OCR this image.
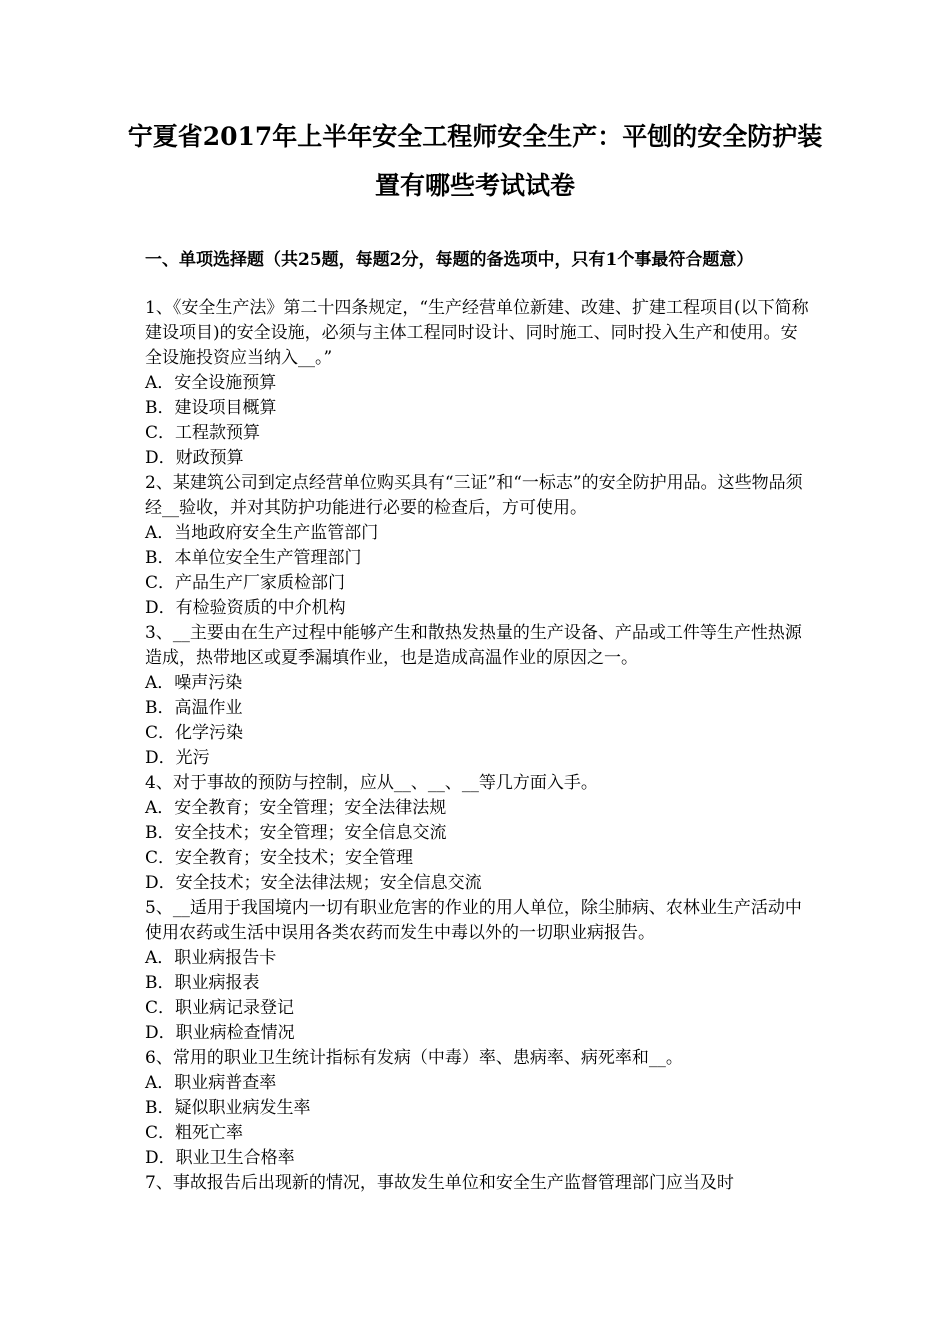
宁夏省2017年上半年安全工程师安全生产：平刨的安全防护装置有哪些考试试卷
一、单项选择题（共25题，每题2分，每题的备选项中，只有1个事最符合题意）

1、《安全生产法》第二十四条规定，“生产经营单位新建、改建、扩建工程项目(以下简称建设项目)的安全设施，必须与主体工程同时设计、同时施工、同时投入生产和使用。安全设施投资应当纳入__。”

A．安全设施预算

B．建设项目概算

C．工程款预算

D．财政预算

2、某建筑公司到定点经营单位购买具有“三证”和“一标志”的安全防护用品。这些物品须经__验收，并对其防护功能进行必要的检查后，方可使用。

A．当地政府安全生产监管部门

B．本单位安全生产管理部门

C．产品生产厂家质检部门

D．有检验资质的中介机构

3、__主要由在生产过程中能够产生和散热发热量的生产设备、产品或工件等生产性热源造成，热带地区或夏季漏填作业，也是造成高温作业的原因之一。

A．噪声污染

B．高温作业

C．化学污染

D．光污

4、对于事故的预防与控制，应从__、__、__等几方面入手。

A．安全教育；安全管理；安全法律法规

B．安全技术；安全管理；安全信息交流

C．安全教育；安全技术；安全管理

D．安全技术；安全法律法规；安全信息交流

5、__适用于我国境内一切有职业危害的作业的用人单位，除尘肺病、农林业生产活动中使用农药或生活中误用各类农药而发生中毒以外的一切职业病报告。

A．职业病报告卡

B．职业病报表

C．职业病记录登记

D．职业病检查情况

6、常用的职业卫生统计指标有发病（中毒）率、患病率、病死率和__。

A．职业病普查率

B．疑似职业病发生率

C．粗死亡率

D．职业卫生合格率

7、事故报告后出现新的情况，事故发生单位和安全生产监督管理部门应当及时
